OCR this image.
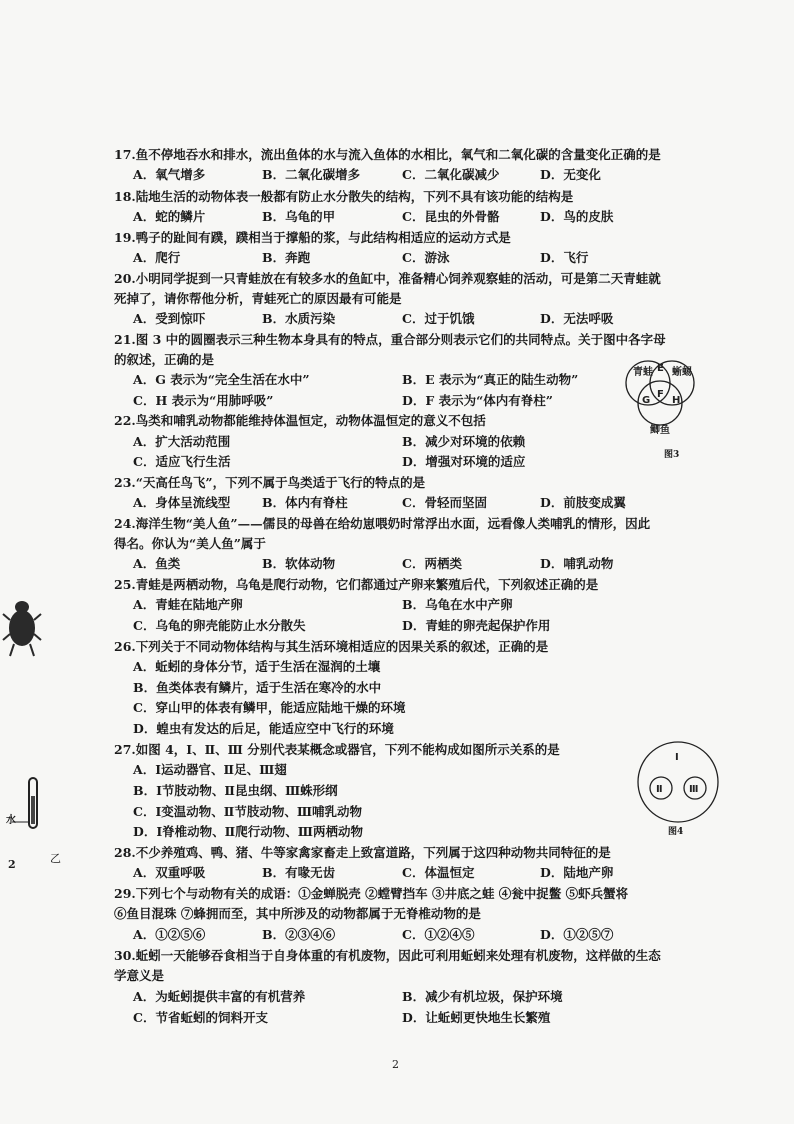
17.鱼不停地吞水和排水，流出鱼体的水与流入鱼体的水相比，氧气和二氧化碳的含量变化正确的是
A．氧气增多	B．二氧化碳增多	C．二氧化碳减少	D．无变化
18.陆地生活的动物体表一般都有防止水分散失的结构，下列不具有该功能的结构是
A．蛇的鳞片	B．乌龟的甲	C．昆虫的外骨骼	D．鸟的皮肤
19.鸭子的趾间有蹼，蹼相当于撑船的浆，与此结构相适应的运动方式是
A．爬行	B．奔跑	C．游泳	D．飞行
20.小明同学捉到一只青蛙放在有较多水的鱼缸中，准备精心饲养观察蛙的活动，可是第二天青蛙就
死掉了，请你帮他分析，青蛙死亡的原因最有可能是
A．受到惊吓	B．水质污染	C．过于饥饿	D．无法呼吸
21.图 3 中的圆圈表示三种生物本身具有的特点，重合部分则表示它们的共同特点。关于图中各字母
的叙述，正确的是
A．G 表示为“完全生活在水中”	B．E 表示为“真正的陆生动物”
C．H 表示为“用肺呼吸”	D．F 表示为“体内有脊柱”
青蛙 蜥蜴
鲫鱼
E
F
G H
图3
22.鸟类和哺乳动物都能维持体温恒定，动物体温恒定的意义不包括
A．扩大活动范围	B．减少对环境的依赖
C．适应飞行生活	D．增强对环境的适应
23.“天高任鸟飞”，下列不属于鸟类适于飞行的特点的是
A．身体呈流线型	B．体内有脊柱	C．骨轻而坚固	D．前肢变成翼
24.海洋生物“美人鱼”——儒艮的母兽在给幼崽喂奶时常浮出水面，远看像人类哺乳的情形，因此
得名。你认为“美人鱼”属于
A．鱼类	B．软体动物	C．两栖类	D．哺乳动物
25.青蛙是两栖动物，乌龟是爬行动物，它们都通过产卵来繁殖后代，下列叙述正确的是
A．青蛙在陆地产卵	B．乌龟在水中产卵
C．乌龟的卵壳能防止水分散失	D．青蛙的卵壳起保护作用
26.下列关于不同动物体结构与其生活环境相适应的因果关系的叙述，正确的是
A．蚯蚓的身体分节，适于生活在湿润的土壤
B．鱼类体表有鳞片，适于生活在寒冷的水中
C．穿山甲的体表有鳞甲，能适应陆地干燥的环境
D．蝗虫有发达的后足，能适应空中飞行的环境
27.如图 4，Ⅰ、Ⅱ、Ⅲ 分别代表某概念或器官，下列不能构成如图所示关系的是
A．Ⅰ运动器官、Ⅱ足、Ⅲ翅
B．Ⅰ节肢动物、Ⅱ昆虫纲、Ⅲ蛛形纲
C．Ⅰ变温动物、Ⅱ节肢动物、Ⅲ哺乳动物
D．Ⅰ脊椎动物、Ⅱ爬行动物、Ⅲ两栖动物
Ⅰ
Ⅱ	Ⅲ
图4
28.不少养殖鸡、鸭、猪、牛等家禽家畜走上致富道路，下列属于这四种动物共同特征的是
A．双重呼吸	B．有喙无齿	C．体温恒定	D．陆地产卵
29.下列七个与动物有关的成语：①金蝉脱壳 ②螳臂挡车 ③井底之蛙 ④瓮中捉鳖 ⑤虾兵蟹将
⑥鱼目混珠 ⑦蜂拥而至，其中所涉及的动物都属于无脊椎动物的是
A．①②⑤⑥	B．②③④⑥	C．①②④⑤	D．①②⑤⑦
30.蚯蚓一天能够吞食相当于自身体重的有机废物，因此可利用蚯蚓来处理有机废物，这样做的生态
学意义是
A．为蚯蚓提供丰富的有机营养	B．减少有机垃圾，保护环境
C．节省蚯蚓的饲料开支	D．让蚯蚓更快地生长繁殖
水
2	乙
2
